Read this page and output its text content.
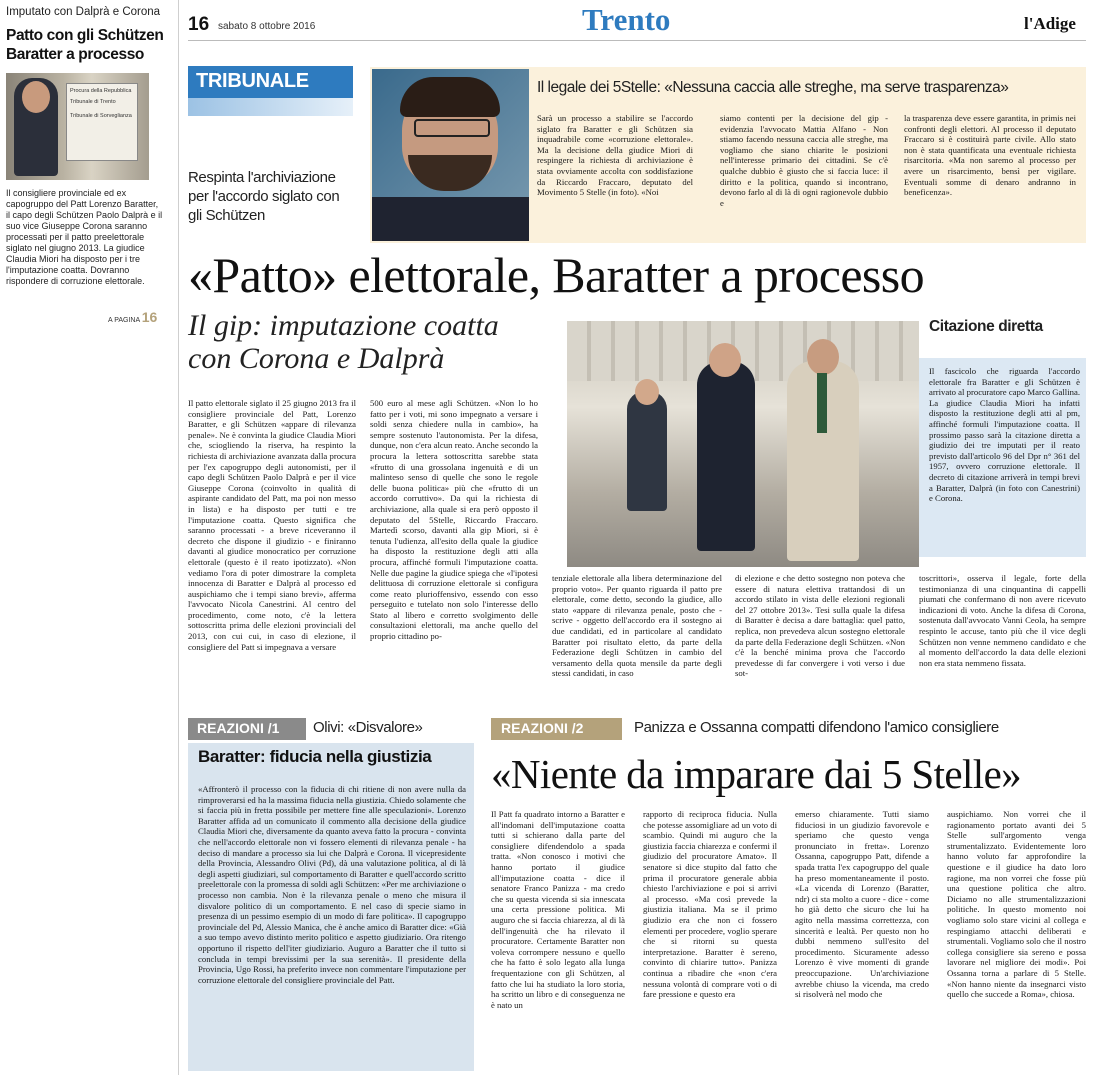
Imputato con Dalprà e Corona
Patto con gli Schützen Baratter a processo
Procura della Repubblica
Tribunale di Trento
Tribunale di Sorveglianza
Il consigliere provinciale ed ex capogruppo del Patt Lorenzo Baratter, il capo degli Schützen Paolo Dalprà e il suo vice Giuseppe Corona saranno processati per il patto preelettorale siglato nel giugno 2013. La giudice Claudia Miori ha disposto per i tre l'imputazione coatta. Dovranno rispondere di corruzione elettorale.
A PAGINA 16
16 sabato 8 ottobre 2016	Trento	l'Adige
TRIBUNALE
Respinta l'archiviazione per l'accordo siglato con gli Schützen
Il legale dei 5Stelle: «Nessuna caccia alle streghe, ma serve trasparenza»
Sarà un processo a stabilire se l'accordo siglato fra Baratter e gli Schützen sia inquadrabile come «corruzione elettorale». Ma la decisione della giudice Miori di respingere la richiesta di archiviazione è stata ovviamente accolta con soddisfazione da Riccardo Fraccaro, deputato del Movimento 5 Stelle (in foto). «Noi
siamo contenti per la decisione del gip - evidenzia l'avvocato Mattia Alfano - Non stiamo facendo nessuna caccia alle streghe, ma vogliamo che siano chiarite le posizioni nell'interesse primario dei cittadini. Se c'è qualche dubbio è giusto che si faccia luce: il diritto e la politica, quando si incontrano, devono farlo al di là di ogni ragionevole dubbio e
la trasparenza deve essere garantita, in primis nei confronti degli elettori. Al processo il deputato Fraccaro si è costituirà parte civile. Allo stato non è stata quantificata una eventuale richiesta risarcitoria. «Ma non saremo al processo per avere un risarcimento, bensì per vigilare. Eventuali somme di denaro andranno in beneficenza».
«Patto» elettorale, Baratter a processo
Il gip: imputazione coatta con Corona e Dalprà
Citazione diretta
Il fascicolo che riguarda l'accordo elettorale fra Baratter e gli Schützen è arrivato al procuratore capo Marco Gallina. La giudice Claudia Miori ha infatti disposto la restituzione degli atti al pm, affinché formuli l'imputazione coatta. Il prossimo passo sarà la citazione diretta a giudizio dei tre imputati per il reato previsto dall'articolo 96 del Dpr n° 361 del 1957, ovvero corruzione elettorale. Il decreto di citazione arriverà in tempi brevi a Baratter, Dalprà (in foto con Canestrini) e Corona.
Il patto elettorale siglato il 25 giugno 2013 fra il consigliere provinciale del Patt, Lorenzo Baratter, e gli Schützen «appare di rilevanza penale». Ne è convinta la giudice Claudia Miori che, sciogliendo la riserva, ha respinto la richiesta di archiviazione avanzata dalla procura per l'ex capogruppo degli autonomisti, per il capo degli Schützen Paolo Dalprà e per il vice Giuseppe Corona (coinvolto in qualità di aspirante candidato del Patt, ma poi non messo in lista) e ha disposto per tutti e tre l'imputazione coatta. Questo significa che saranno processati - a breve riceveranno il decreto che dispone il giudizio - e finiranno davanti al giudice monocratico per corruzione elettorale (questo è il reato ipotizzato). «Non vediamo l'ora di poter dimostrare la completa innocenza di Baratter e Dalprà al processo ed auspichiamo che i tempi siano brevi», afferma l'avvocato Nicola Canestrini. Al centro del procedimento, come noto, c'è la lettera sottoscritta prima delle elezioni provinciali del 2013, con cui cui, in caso di elezione, il consigliere del Patt si impegnava a versare
500 euro al mese agli Schützen. «Non lo ho fatto per i voti, mi sono impegnato a versare i soldi senza chiedere nulla in cambio», ha sempre sostenuto l'autonomista. Per la difesa, dunque, non c'era alcun reato. Anche secondo la procura la lettera sottoscritta sarebbe stata «frutto di una grossolana ingenuità e di un malinteso senso di quelle che sono le regole delle buona politica» più che «frutto di un accordo corruttivo». Da qui la richiesta di archiviazione, alla quale si era però opposto il deputato del 5Stelle, Riccardo Fraccaro. Martedì scorso, davanti alla gip Miori, si è tenuta l'udienza, all'esito della quale la giudice ha disposto la restituzione degli atti alla procura, affinché formuli l'imputazione coatta. Nelle due pagine la giudice spiega che «l'ipotesi delittuosa di corruzione elettorale si configura come reato plurioffensivo, essendo con esso perseguito e tutelato non solo l'interesse dello Stato al libero e corretto svolgimento delle consultazioni elettorali, ma anche quello del proprio cittadino po-
tenziale elettorale alla libera determinazione del proprio voto». Per quanto riguarda il patto pre elettorale, come detto, secondo la giudice, allo stato «appare di rilevanza penale, posto che - scrive - oggetto dell'accordo era il sostegno ai due candidati, ed in particolare al candidato Baratter poi risultato eletto, da parte della Federazione degli Schützen in cambio del versamento della quota mensile da parte degli stessi candidati, in caso
di elezione e che detto sostegno non poteva che essere di natura elettiva trattandosi di un accordo stilato in vista delle elezioni regionali del 27 ottobre 2013». Tesi sulla quale la difesa di Baratter è decisa a dare battaglia: quel patto, replica, non prevedeva alcun sostegno elettorale da parte della Federazione degli Schützen. «Non c'è la benché minima prova che l'accordo prevedesse di far convergere i voti verso i due sot-
toscrittori», osserva il legale, forte della testimonianza di una cinquantina di cappelli piumati che confermano di non avere ricevuto indicazioni di voto. Anche la difesa di Corona, sostenuta dall'avvocato Vanni Ceola, ha sempre respinto le accuse, tanto più che il vice degli Schützen non venne nemmeno candidato e che al momento dell'accordo la data delle elezioni non era stata nemmeno fissata.
REAZIONI /1 Olivi: «Disvalore»
Baratter: fiducia nella giustizia
«Affronterò il processo con la fiducia di chi ritiene di non avere nulla da rimproverarsi ed ha la massima fiducia nella giustizia. Chiedo solamente che si faccia più in fretta possibile per mettere fine alle speculazioni». Lorenzo Baratter affida ad un comunicato il commento alla decisione della giudice Claudia Miori che, diversamente da quanto aveva fatto la procura - convinta che nell'accordo elettorale non vi fossero elementi di rilevanza penale - ha deciso di mandare a processo sia lui che Dalprà e Corona. Il vicepresidente della Provincia, Alessandro Olivi (Pd), dà una valutazione politica, al di là degli aspetti giudiziari, sul comportamento di Baratter e quell'accordo scritto preelettorale con la promessa di soldi agli Schützen: «Per me archiviazione o processo non cambia. Non è la rilevanza penale o meno che misura il disvalore politico di un comportamento. E nel caso di specie siamo in presenza di un pessimo esempio di un modo di fare politica». Il capogruppo provinciale del Pd, Alessio Manica, che è anche amico di Baratter dice: «Già a suo tempo avevo distinto merito politico e aspetto giudiziario. Ora ritengo opportuno il rispetto dell'iter giudiziario. Auguro a Baratter che il tutto si concluda in tempi brevissimi per la sua serenità». Il presidente della Provincia, Ugo Rossi, ha preferito invece non commentare l'imputazione per corruzione elettorale del consigliere provinciale del Patt.
REAZIONI /2	Panizza e Ossanna compatti difendono l'amico consigliere
«Niente da imparare dai 5 Stelle»
Il Patt fa quadrato intorno a Baratter e all'indomani dell'imputazione coatta tutti si schierano dalla parte del consigliere difendendolo a spada tratta. «Non conosco i motivi che hanno portato il giudice all'imputazione coatta - dice il senatore Franco Panizza - ma credo che su questa vicenda si sia innescata una certa pressione politica. Mi auguro che si faccia chiarezza, al di là dell'ingenuità che ha rilevato il procuratore. Certamente Baratter non voleva corrompere nessuno e quello che ha fatto è solo legato alla lunga frequentazione con gli Schützen, al fatto che lui ha studiato la loro storia, ha scritto un libro e di conseguenza ne è nato un
rapporto di reciproca fiducia. Nulla che potesse assomigliare ad un voto di scambio. Quindi mi auguro che la giustizia faccia chiarezza e confermi il giudizio del procuratore Amato». Il senatore si dice stupito dal fatto che prima il procuratore generale abbia chiesto l'archiviazione e poi si arrivi al processo. «Ma così prevede la giustizia italiana. Ma se il primo giudizio era che non ci fossero elementi per procedere, voglio sperare che si ritorni su questa interpretazione. Baratter è sereno, convinto di chiarire tutto». Panizza continua a ribadire che «non c'era nessuna volontà di comprare voti o di fare pressione e questo era
emerso chiaramente. Tutti siamo fiduciosi in un giudizio favorevole e speriamo che questo venga pronunciato in fretta». Lorenzo Ossanna, capogruppo Patt, difende a spada tratta l'ex capogruppo del quale ha preso momentaneamente il posto. «La vicenda di Lorenzo (Baratter, ndr) ci sta molto a cuore - dice - come ho già detto che sicuro che lui ha agito nella massima correttezza, con sincerità e lealtà. Per questo non ho dubbi nemmeno sull'esito del procedimento. Sicuramente adesso Lorenzo è vive momenti di grande preoccupazione. Un'archiviazione avrebbe chiuso la vicenda, ma credo si risolverà nel modo che
auspichiamo. Non vorrei che il ragionamento portato avanti dei 5 Stelle sull'argomento venga strumentalizzato. Evidentemente loro hanno voluto far approfondire la questione e il giudice ha dato loro ragione, ma non vorrei che fosse più una questione politica che altro. Diciamo no alle strumentalizzazioni politiche. In questo momento noi vogliamo solo stare vicini al collega e respingiamo attacchi deliberati e strumentali. Vogliamo solo che il nostro collega consigliere sia sereno e possa lavorare nel migliore dei modi». Poi Ossanna torna a parlare di 5 Stelle. «Non hanno niente da insegnarci visto quello che succede a Roma», chiosa.
